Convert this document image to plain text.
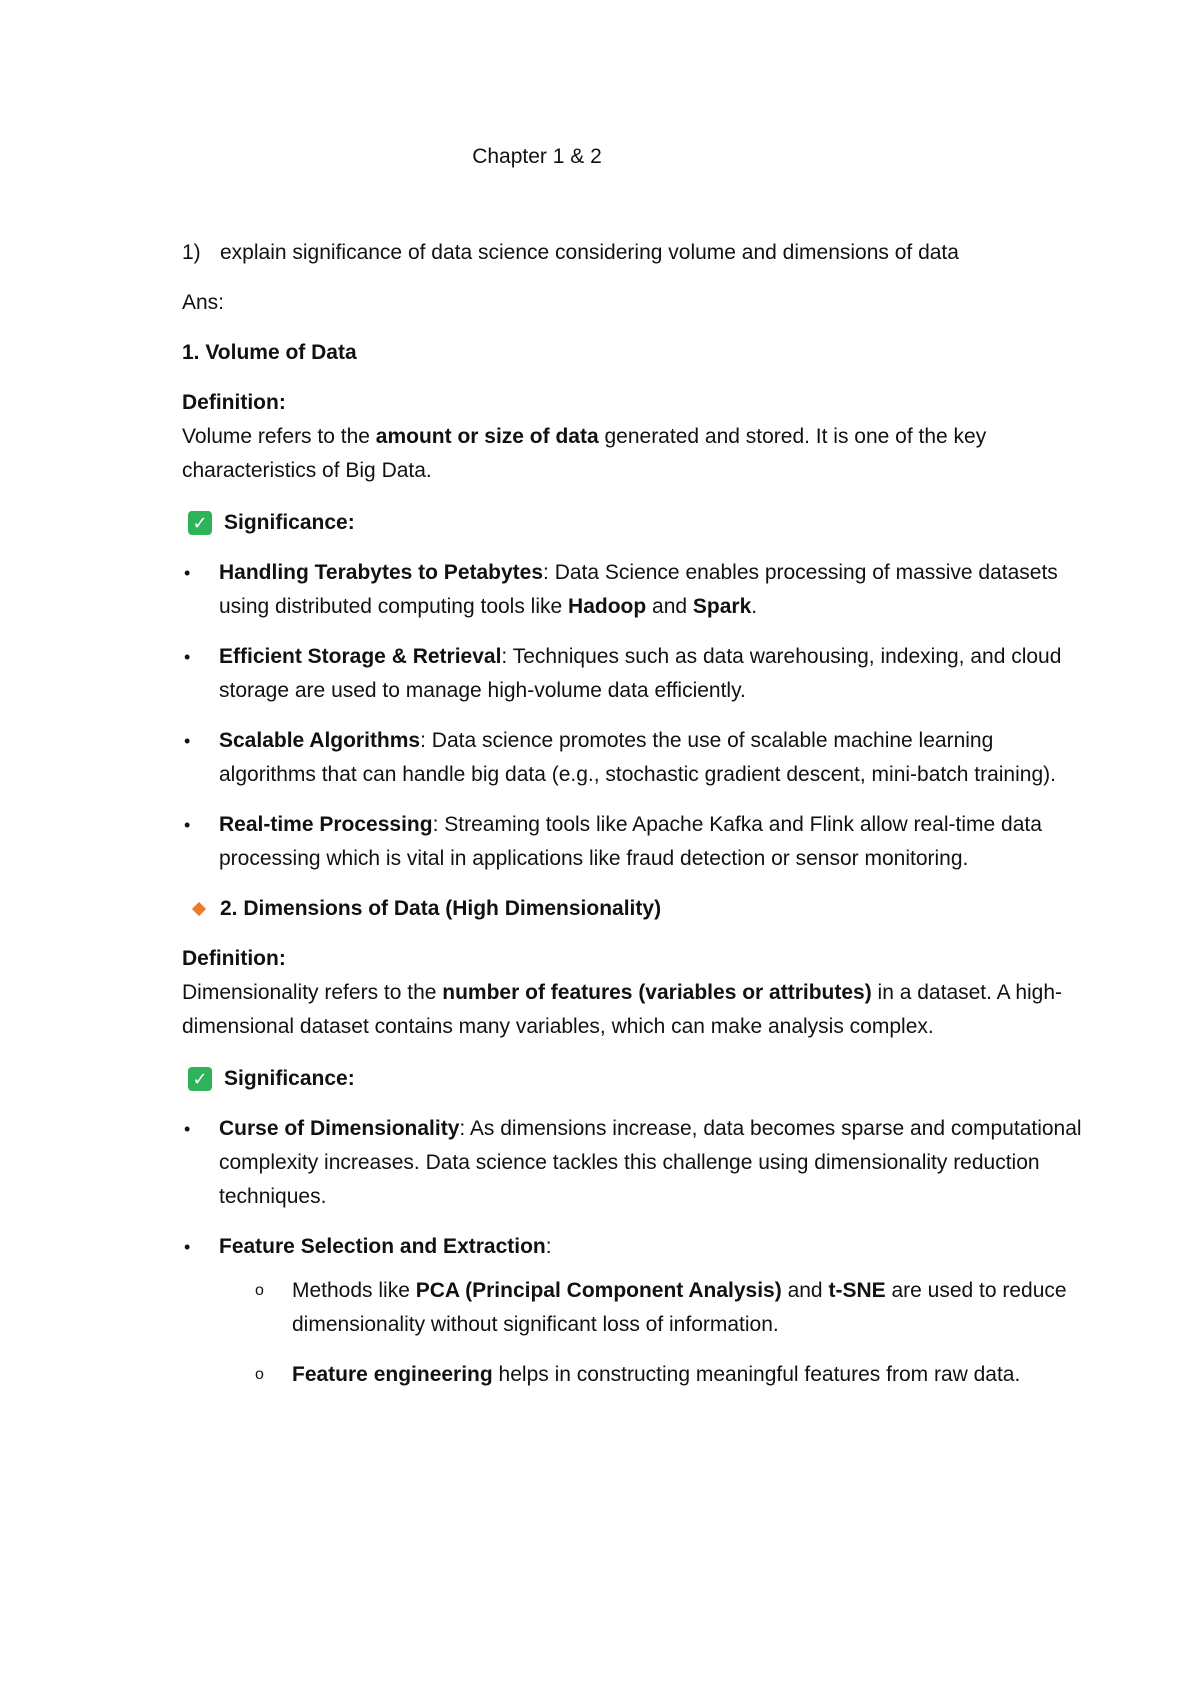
Chapter 1 & 2

1) explain significance of data science considering volume and dimensions of data

Ans:

1. Volume of Data

Definition:

Volume refers to the amount or size of data generated and stored. It is one of the key characteristics of Big Data.

✓ Significance:
• Handling Terabytes to Petabytes: Data Science enables processing of massive datasets using distributed computing tools like Hadoop and Spark.
• Efficient Storage & Retrieval: Techniques such as data warehousing, indexing, and cloud storage are used to manage high-volume data efficiently.
• Scalable Algorithms: Data science promotes the use of scalable machine learning algorithms that can handle big data (e.g., stochastic gradient descent, mini-batch training).
• Real-time Processing: Streaming tools like Apache Kafka and Flink allow real-time data processing which is vital in applications like fraud detection or sensor monitoring.
2. Dimensions of Data (High Dimensionality)

Definition:

Dimensionality refers to the number of features (variables or attributes) in a dataset. A high-dimensional dataset contains many variables, which can make analysis complex.

✓ Significance:
• Curse of Dimensionality: As dimensions increase, data becomes sparse and computational complexity increases. Data science tackles this challenge using dimensionality reduction techniques.
• Feature Selection and Extraction:
o Methods like PCA (Principal Component Analysis) and t-SNE are used to reduce dimensionality without significant loss of information.
o Feature engineering helps in constructing meaningful features from raw data.
